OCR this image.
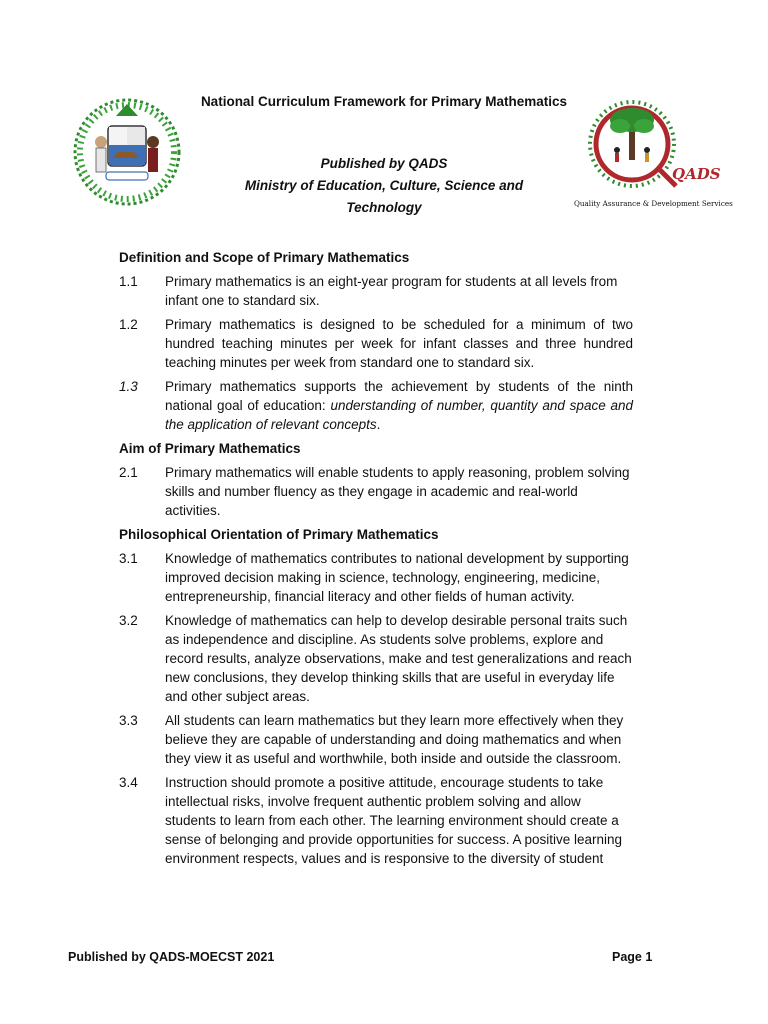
National Curriculum Framework for Primary Mathematics
Published by QADS
Ministry of Education, Culture, Science and
Technology
QADS
Quality Assurance & Development Services
Definition and Scope of Primary Mathematics
1.1	Primary mathematics is an eight-year program for students at all levels from infant one to standard six.
1.2	Primary mathematics is designed to be scheduled for a minimum of two hundred teaching minutes per week for infant classes and three hundred teaching minutes per week from standard one to standard six.
1.3	Primary mathematics supports the achievement by students of the ninth national goal of education: understanding of number, quantity and space and the application of relevant concepts.
Aim of Primary Mathematics
2.1	Primary mathematics will enable students to apply reasoning, problem solving skills and number fluency as they engage in academic and real-world activities.
Philosophical Orientation of Primary Mathematics
3.1	Knowledge of mathematics contributes to national development by supporting improved decision making in science, technology, engineering, medicine, entrepreneurship, financial literacy and other fields of human activity.
3.2	Knowledge of mathematics can help to develop desirable personal traits such as independence and discipline. As students solve problems, explore and record results, analyze observations, make and test generalizations and reach new conclusions, they develop thinking skills that are useful in everyday life and other subject areas.
3.3	All students can learn mathematics but they learn more effectively when they believe they are capable of understanding and doing mathematics and when they view it as useful and worthwhile, both inside and outside the classroom.
3.4	Instruction should promote a positive attitude, encourage students to take intellectual risks, involve frequent authentic problem solving and allow students to learn from each other. The learning environment should create a sense of belonging and provide opportunities for success. A positive learning environment respects, values and is responsive to the diversity of student
Published by QADS-MOECST 2021	Page 1
